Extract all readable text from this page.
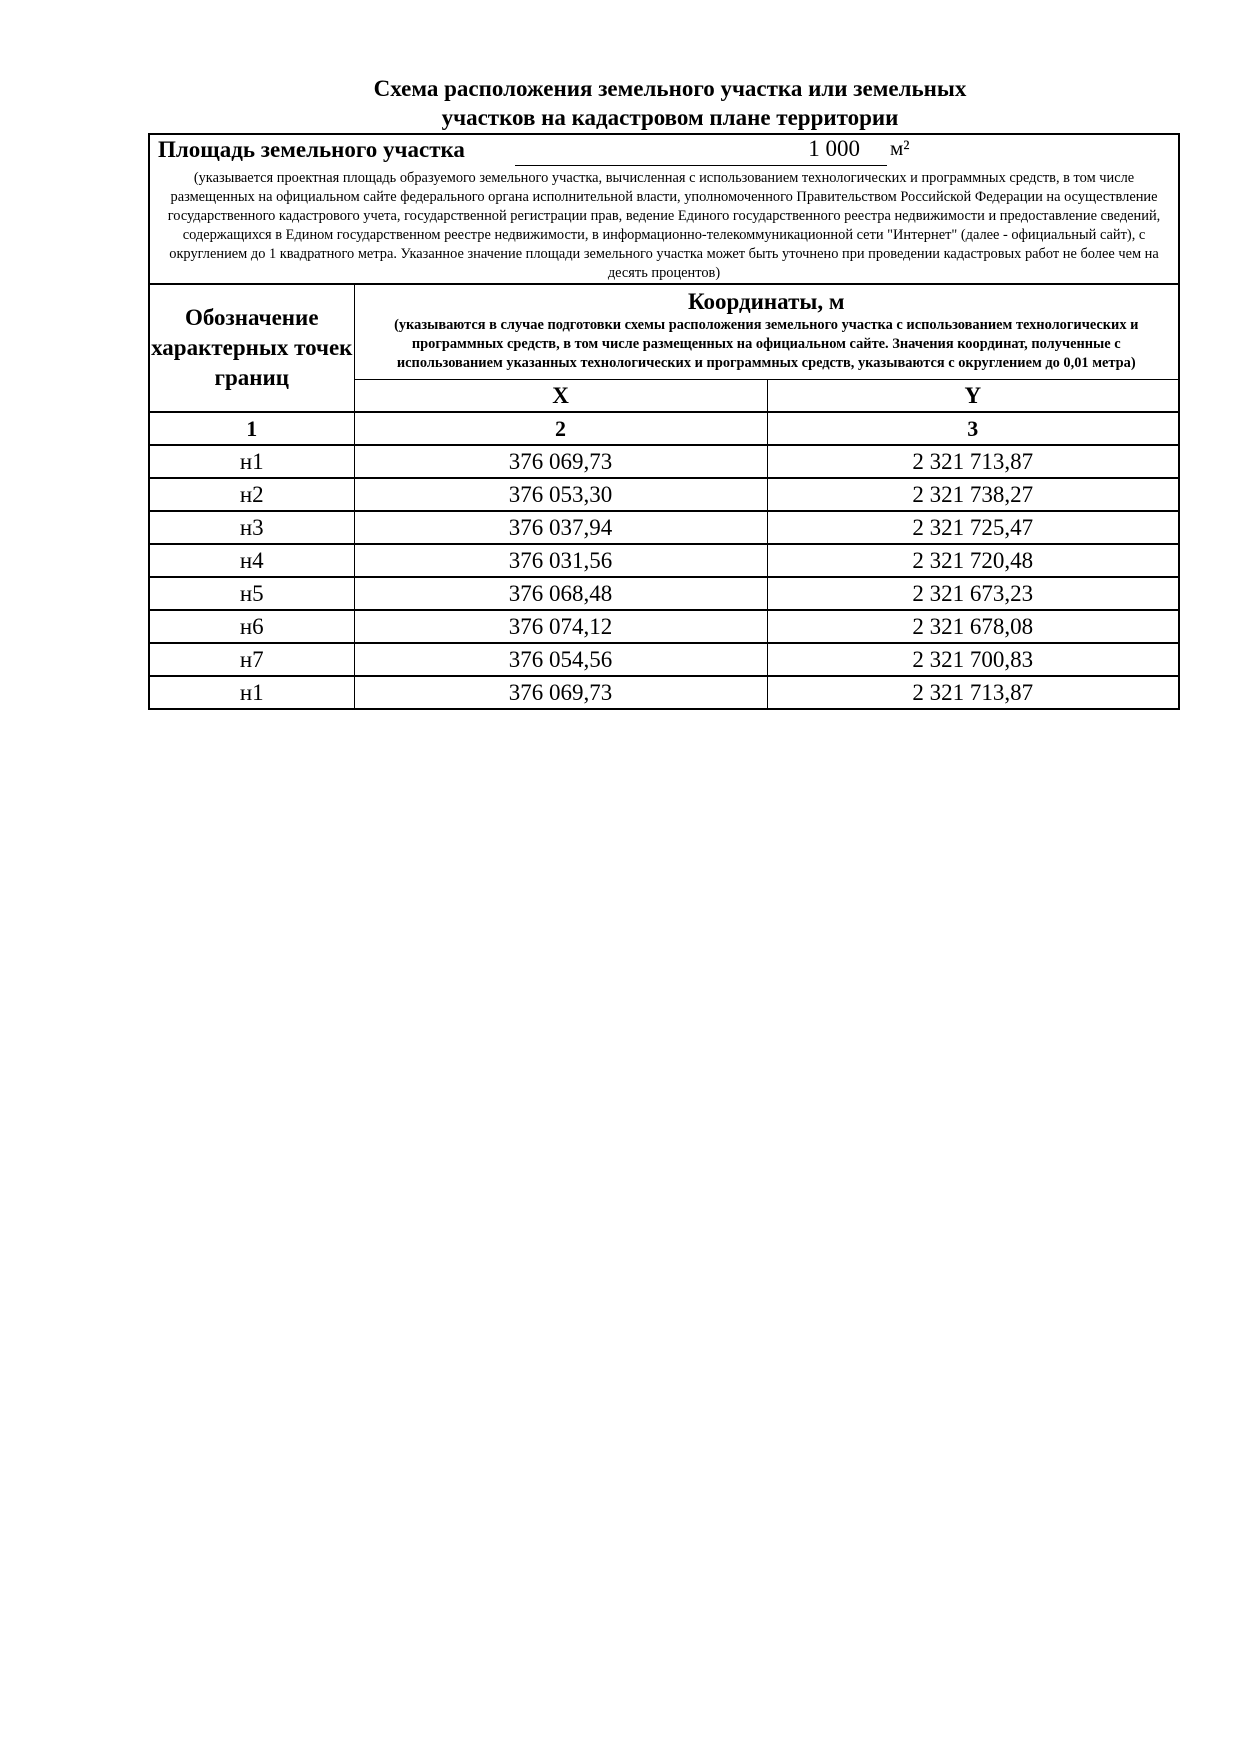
Схема расположения земельного участка или земельных
участков на кадастровом плане территории
Площадь земельного участка	1 000 м²
(указывается проектная площадь образуемого земельного участка, вычисленная с использованием технологических и программных средств, в том числе размещенных на официальном сайте федерального органа исполнительной власти, уполномоченного Правительством Российской Федерации на осуществление государственного кадастрового учета, государственной регистрации прав, ведение Единого государственного реестра недвижимости и предоставление сведений, содержащихся в Едином государственном реестре недвижимости, в информационно-телекоммуникационной сети "Интернет" (далее - официальный сайт), с округлением до 1 квадратного метра. Указанное значение площади земельного участка может быть уточнено при проведении кадастровых работ не более чем на десять процентов)
Обозначение характерных точек границ	Координаты, м
(указываются в случае подготовки схемы расположения земельного участка с использованием технологических и программных средств, в том числе размещенных на официальном сайте. Значения координат, полученные с использованием указанных технологических и программных средств, указываются с округлением до 0,01 метра)	

	X	Y
1	2	3
н1	376 069,73	2 321 713,87
н2	376 053,30	2 321 738,27
н3	376 037,94	2 321 725,47
н4	376 031,56	2 321 720,48
н5	376 068,48	2 321 673,23
н6	376 074,12	2 321 678,08
н7	376 054,56	2 321 700,83
н1	376 069,73	2 321 713,87
